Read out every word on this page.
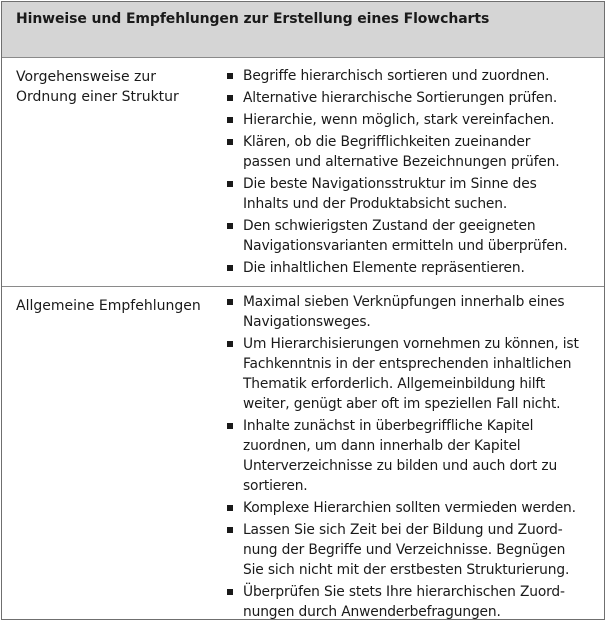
Hinweise und Empfehlungen zur Erstellung eines Flowcharts
Vorgehensweise zur
Ordnung einer Struktur
Begriffe hierarchisch sortieren und zuordnen.
Alternative hierarchische Sortierungen prüfen.
Hierarchie, wenn möglich, stark vereinfachen.
Klären, ob die Begrifflichkeiten zueinander
passen und alternative Bezeichnungen prüfen.
Die beste Navigationsstruktur im Sinne des
Inhalts und der Produktabsicht suchen.
Den schwierigsten Zustand der geeigneten
Navigationsvarianten ermitteln und überprüfen.
Die inhaltlichen Elemente repräsentieren.
Allgemeine Empfehlungen	Maximal sieben Verknüpfungen innerhalb eines
Navigationsweges.
Um Hierarchisierungen vornehmen zu können, ist
Fachkenntnis in der entsprechenden inhaltlichen
Thematik erforderlich. Allgemeinbildung hilft
weiter, genügt aber oft im speziellen Fall nicht.
Inhalte zunächst in überbegriffliche Kapitel
zuordnen, um dann innerhalb der Kapitel
Unterverzeichnisse zu bilden und auch dort zu
sortieren.
Komplexe Hierarchien sollten vermieden werden.
Lassen Sie sich Zeit bei der Bildung und Zuord-
nung der Begriffe und Verzeichnisse. Begnügen
Sie sich nicht mit der erstbesten Strukturierung.
Überprüfen Sie stets Ihre hierarchischen Zuord-
nungen durch Anwenderbefragungen.
